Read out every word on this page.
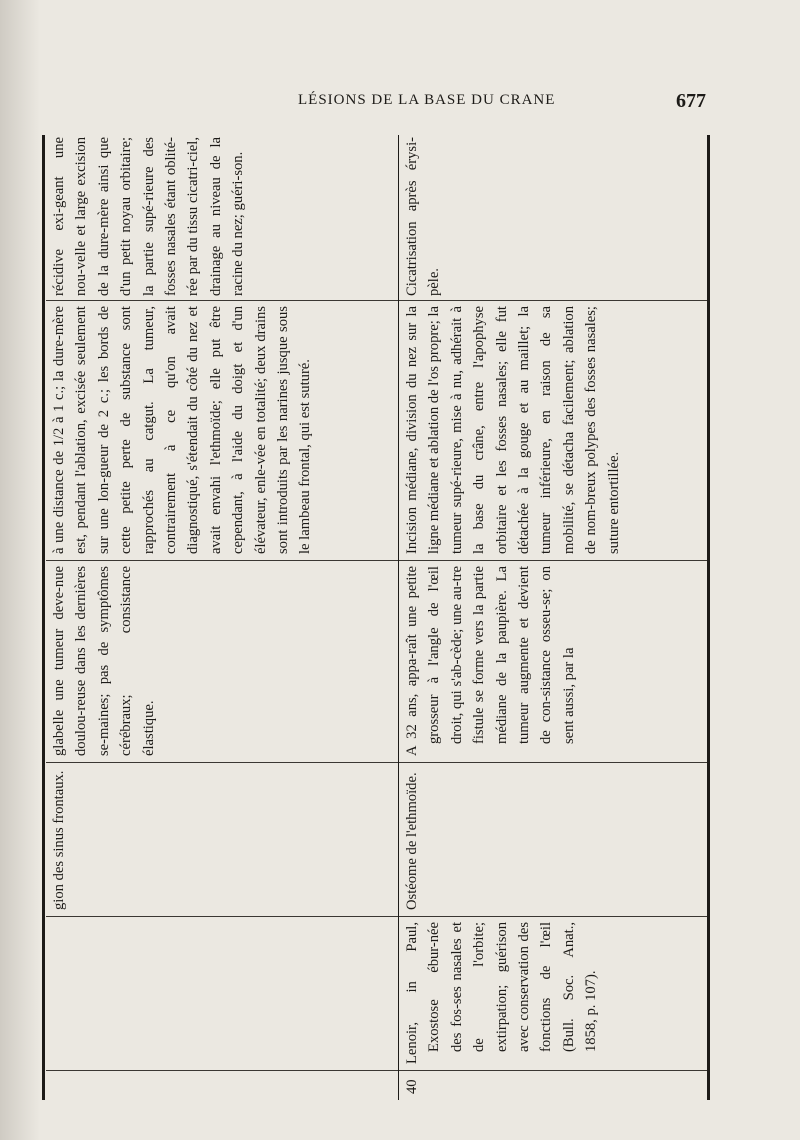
LÉSIONS DE LA BASE DU CRANE	677
gion des sinus frontaux.
glabelle une tumeur deve-nue doulou-reuse dans les dernières se-maines; pas de symptômes cérébraux; consistance élastique.
à une distance de 1/2 à 1 c.; la dure-mère est, pendant l'ablation, excisée seulement sur une lon-gueur de 2 c.; les bords de cette petite perte de substance sont rapprochés au catgut. La tumeur, contrairement à ce qu'on avait diagnostiqué, s'étendait du côté du nez et avait envahi l'ethmoïde; elle put être cependant, à l'aide du doigt et d'un élévateur, enle-vée en totalité; deux drains sont introduits par les narines jusque sous le lambeau frontal, qui est suturé.
récidive exi-geant une nou-velle et large excision de la dure-mère ainsi que d'un petit noyau orbitaire; la partie supé-rieure des fosses nasales étant oblité-rée par du tissu cicatri-ciel, drainage au niveau de la racine du nez; guéri-son.
40
Lenoir, in Paul, Exostose ébur-née des fos-ses nasales et de l'orbite; extirpation; guérison avec conservation des fonctions de l'œil (Bull. Soc. Anat., 1858, p. 107).
Ostéome de l'ethmoïde.
A 32 ans, appa-raît une petite grosseur à l'angle de l'œil droit, qui s'ab-cède; une au-tre fistule se forme vers la partie médiane de la paupière. La tumeur augmente et devient de con-sistance osseu-se; on sent aussi, par la
Incision médiane, division du nez sur la ligne médiane et ablation de l'os propre; la tumeur supé-rieure, mise à nu, adhérait à la base du crâne, entre l'apophyse orbitaire et les fosses nasales; elle fut détachée à la gouge et au maillet; la tumeur inférieure, en raison de sa mobilité, se détacha facilement; ablation de nom-breux polypes des fosses nasales; suture entortillée.
Cicatrisation après érysi-pèle.
